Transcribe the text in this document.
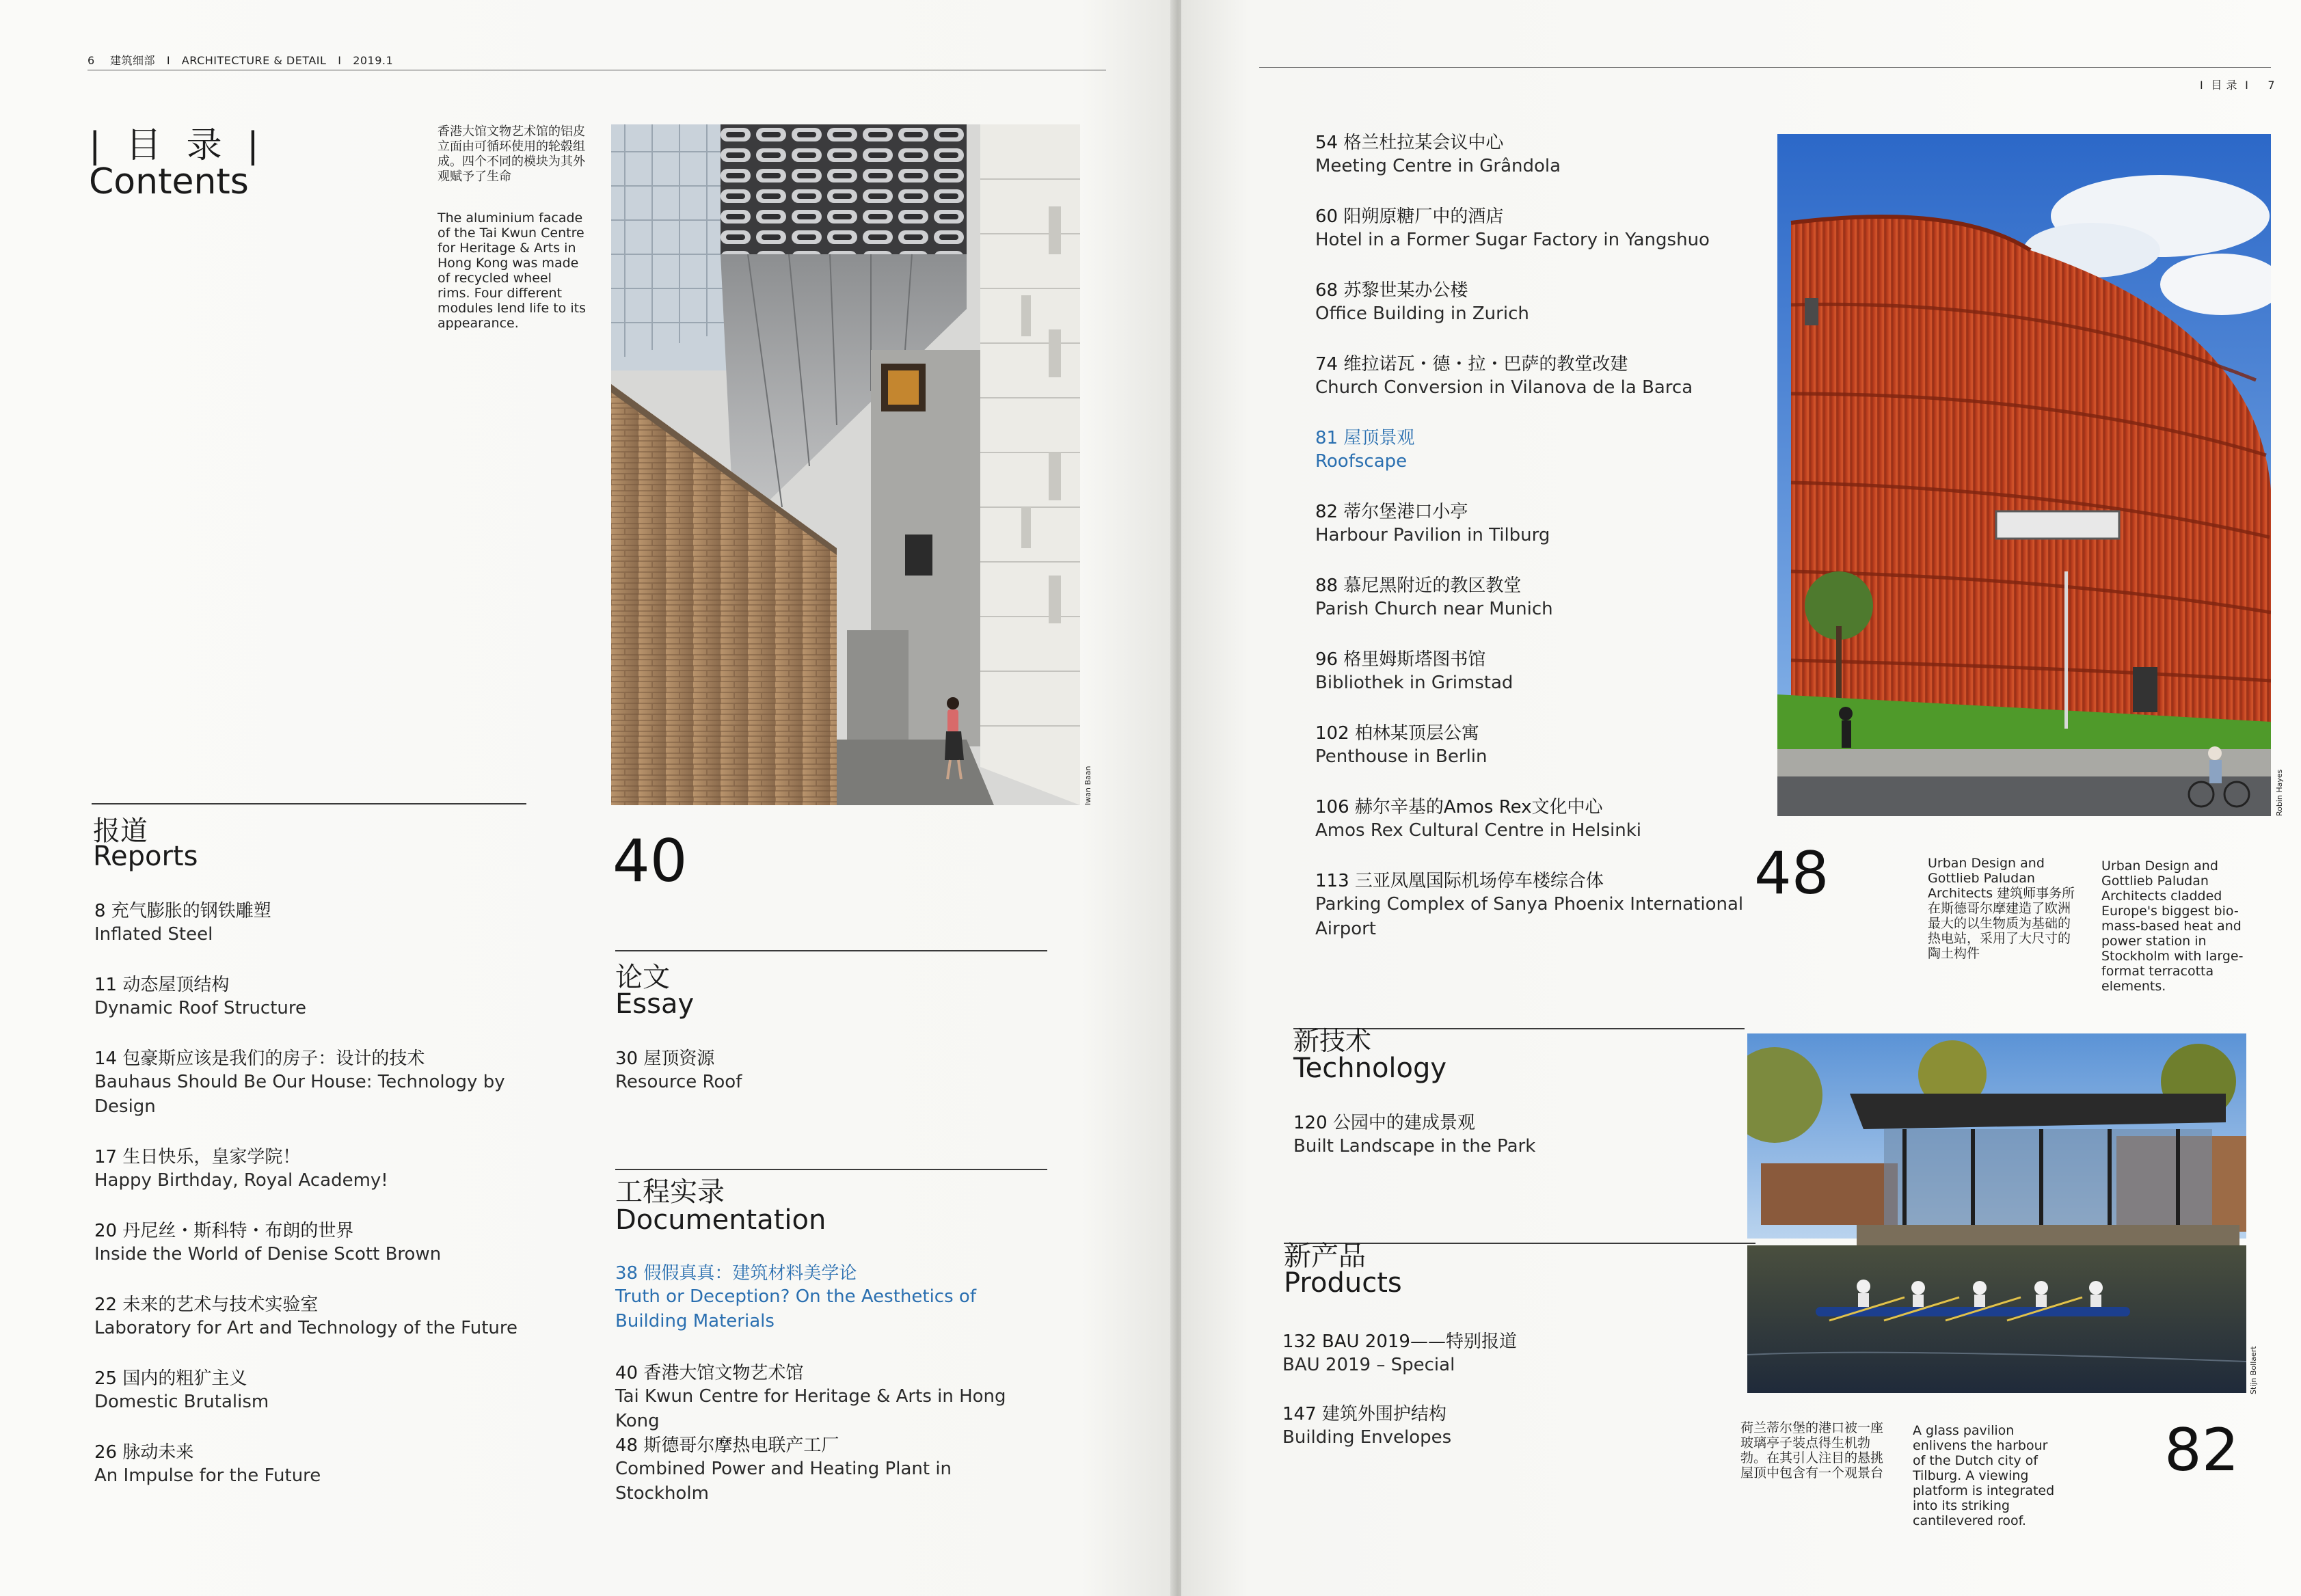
6 建筑细部 I ARCHITECTURE & DETAIL I 2019.1
| 目 录 |
Contents
香港大馆文物艺术馆的铝皮立面由可循环使用的轮毂组成。四个不同的模块为其外观赋予了生命
The aluminium facade of the Tai Kwun Centre for Heritage & Arts in Hong Kong was made of recycled wheel rims. Four different modules lend life to its appearance.
Iwan Baan
40
报道
Reports
8 充气膨胀的钢铁雕塑
Inflated Steel
11 动态屋顶结构
Dynamic Roof Structure
14 包豪斯应该是我们的房子：设计的技术
Bauhaus Should Be Our House: Technology by Design
17 生日快乐，皇家学院！
Happy Birthday, Royal Academy!
20 丹尼丝・斯科特・布朗的世界
Inside the World of Denise Scott Brown
22 未来的艺术与技术实验室
Laboratory for Art and Technology of the Future
25 国内的粗犷主义
Domestic Brutalism
26 脉动未来
An Impulse for the Future
论文
Essay
30 屋顶资源
Resource Roof
工程实录
Documentation
38 假假真真：建筑材料美学论
Truth or Deception? On the Aesthetics of Building Materials
40 香港大馆文物艺术馆
Tai Kwun Centre for Heritage & Arts in Hong Kong
48 斯德哥尔摩热电联产工厂
Combined Power and Heating Plant in Stockholm
I 目 录 I 7
54 格兰杜拉某会议中心
Meeting Centre in Grândola
60 阳朔原糖厂中的酒店
Hotel in a Former Sugar Factory in Yangshuo
68 苏黎世某办公楼
Office Building in Zurich
74 维拉诺瓦・德・拉・巴萨的教堂改建
Church Conversion in Vilanova de la Barca
81 屋顶景观
Roofscape
82 蒂尔堡港口小亭
Harbour Pavilion in Tilburg
88 慕尼黑附近的教区教堂
Parish Church near Munich
96 格里姆斯塔图书馆
Bibliothek in Grimstad
102 柏林某顶层公寓
Penthouse in Berlin
106 赫尔辛基的Amos Rex文化中心
Amos Rex Cultural Centre in Helsinki
113 三亚凤凰国际机场停车楼综合体
Parking Complex of Sanya Phoenix International Airport
新技术
Technology
120 公园中的建成景观
Built Landscape in the Park
新产品
Products
132 BAU 2019——特别报道
BAU 2019 – Special
147 建筑外围护结构
Building Envelopes
Robin Hayes
48	Urban Design and Gottlieb Paludan Architects 建筑师事务所在斯德哥尔摩建造了欧洲最大的以生物质为基础的热电站，采用了大尺寸的陶土构件
Urban Design and Gottlieb Paludan Architects cladded Europe's biggest bio-mass-based heat and power station in Stockholm with large-format terracotta elements.
Stijn Bollaert
荷兰蒂尔堡的港口被一座玻璃亭子装点得生机勃勃。在其引人注目的悬挑屋顶中包含有一个观景台
A glass pavilion enlivens the harbour of the Dutch city of Tilburg. A viewing platform is integrated into its striking cantilevered roof.
82
